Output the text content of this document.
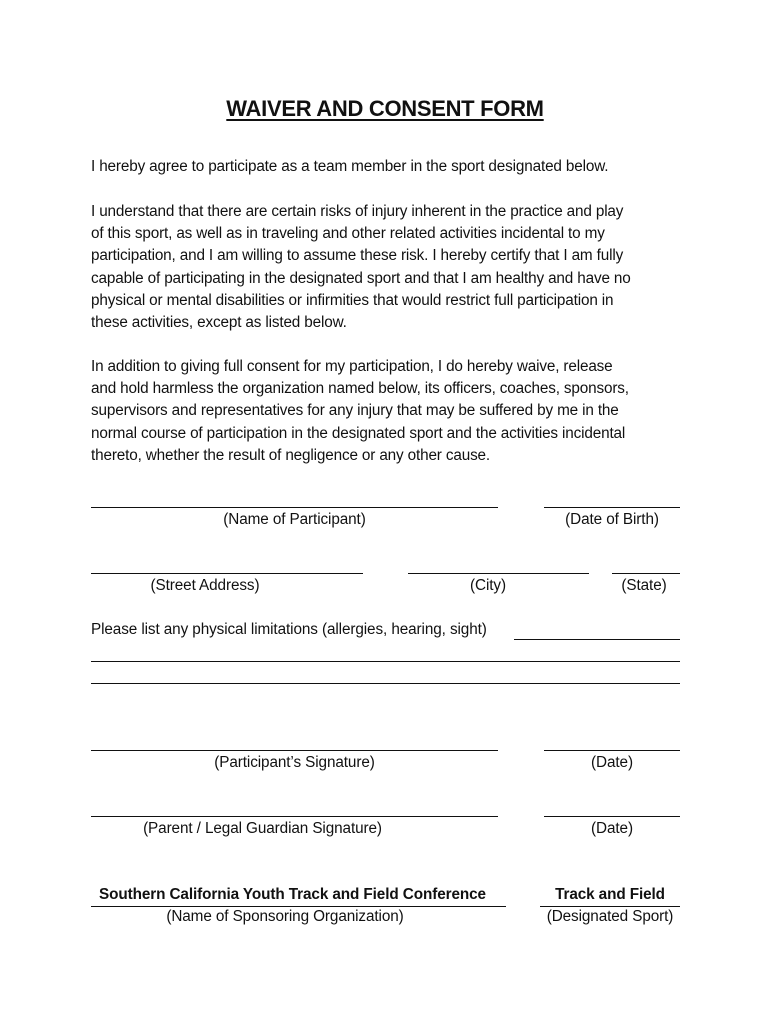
WAIVER AND CONSENT FORM
I hereby agree to participate as a team member in the sport designated below.
I understand that there are certain risks of injury inherent in the practice and play
of this sport, as well as in traveling and other related activities incidental to my
participation, and I am willing to assume these risk. I hereby certify that I am fully
capable of participating in the designated sport and that I am healthy and have no
physical or mental disabilities or infirmities that would restrict full participation in
these activities, except as listed below.
In addition to giving full consent for my participation, I do hereby waive, release
and hold harmless the organization named below, its officers, coaches, sponsors,
supervisors and representatives for any injury that may be suffered by me in the
normal course of participation in the designated sport and the activities incidental
thereto, whether the result of negligence or any other cause.
(Name of Participant)	(Date of Birth)
(Street Address)	(City)	(State)
Please list any physical limitations (allergies, hearing, sight)
(Participant’s Signature)	(Date)
(Parent / Legal Guardian Signature)	(Date)
Southern California Youth Track and Field Conference	Track and Field
(Name of Sponsoring Organization)	(Designated Sport)
